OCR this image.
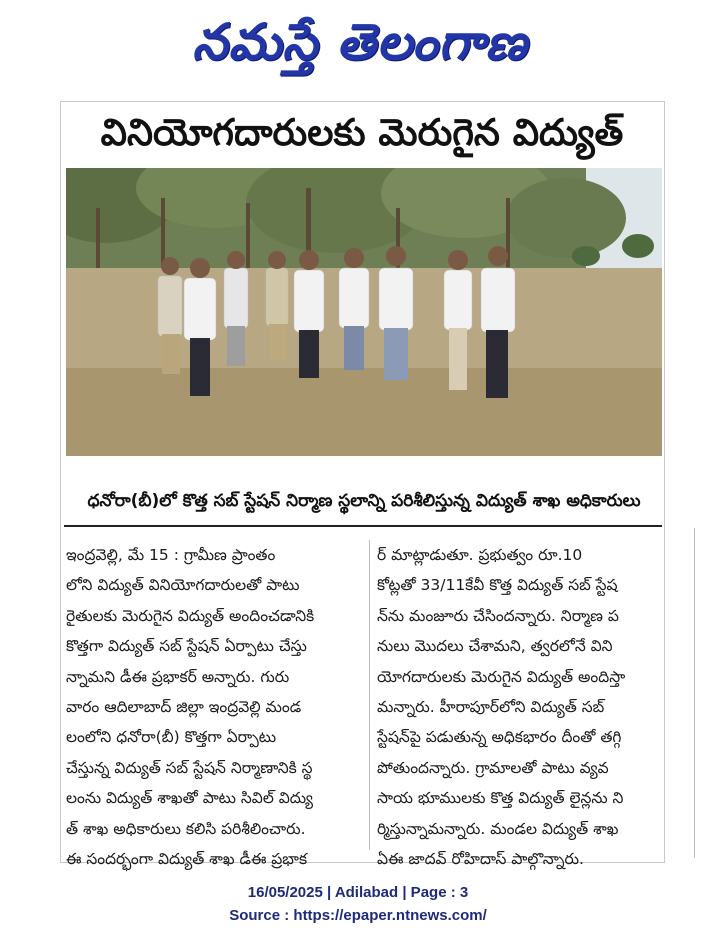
నమస్తే తెలంగాణ
వినియోగదారులకు మెరుగైన విద్యుత్
ధనోరా(బీ)లో కొత్త సబ్ స్టేషన్ నిర్మాణ స్థలాన్ని పరిశీలిస్తున్న విద్యుత్ శాఖ అధికారులు
ఇంద్రవెల్లి, మే 15 : గ్రామీణ ప్రాంతం
లోని విద్యుత్ వినియోగదారులతో పాటు
రైతులకు మెరుగైన విద్యుత్ అందించడానికి
కొత్తగా విద్యుత్ సబ్ స్టేషన్ ఏర్పాటు చేస్తు
న్నామని డీఈ ప్రభాకర్ అన్నారు. గురు
వారం ఆదిలాబాద్ జిల్లా ఇంద్రవెల్లి మండ
లంలోని ధనోరా(బీ) కొత్తగా ఏర్పాటు
చేస్తున్న విద్యుత్ సబ్ స్టేషన్ నిర్మాణానికి స్థ
లంను విద్యుత్ శాఖతో పాటు సివిల్ విద్యు
త్ శాఖ అధికారులు కలిసి పరిశీలించారు.
ఈ సందర్భంగా విద్యుత్ శాఖ డీఈ ప్రభాక
ర్ మాట్లాడుతూ. ప్రభుత్వం రూ.10
కోట్లతో 33/11కేవీ కొత్త విద్యుత్ సబ్ స్టేష
న్‌ను మంజూరు చేసిందన్నారు. నిర్మాణ ప
నులు మొదలు చేశామని, త్వరలోనే విని
యోగదారులకు మెరుగైన విద్యుత్ అందిస్తా
మన్నారు. హీరాపూర్‌లోని విద్యుత్ సబ్
స్టేషన్‌పై పడుతున్న అధికభారం దీంతో తగ్గి
పోతుందన్నారు. గ్రామాలతో పాటు వ్యవ
సాయ భూములకు కొత్త విద్యుత్ లైన్లను ని
ర్మిస్తున్నామన్నారు. మండల విద్యుత్ శాఖ
ఏఈ జాదవ్ రోహిదాస్ పాల్గొన్నారు.
16/05/2025 | Adilabad | Page : 3
Source : https://epaper.ntnews.com/
